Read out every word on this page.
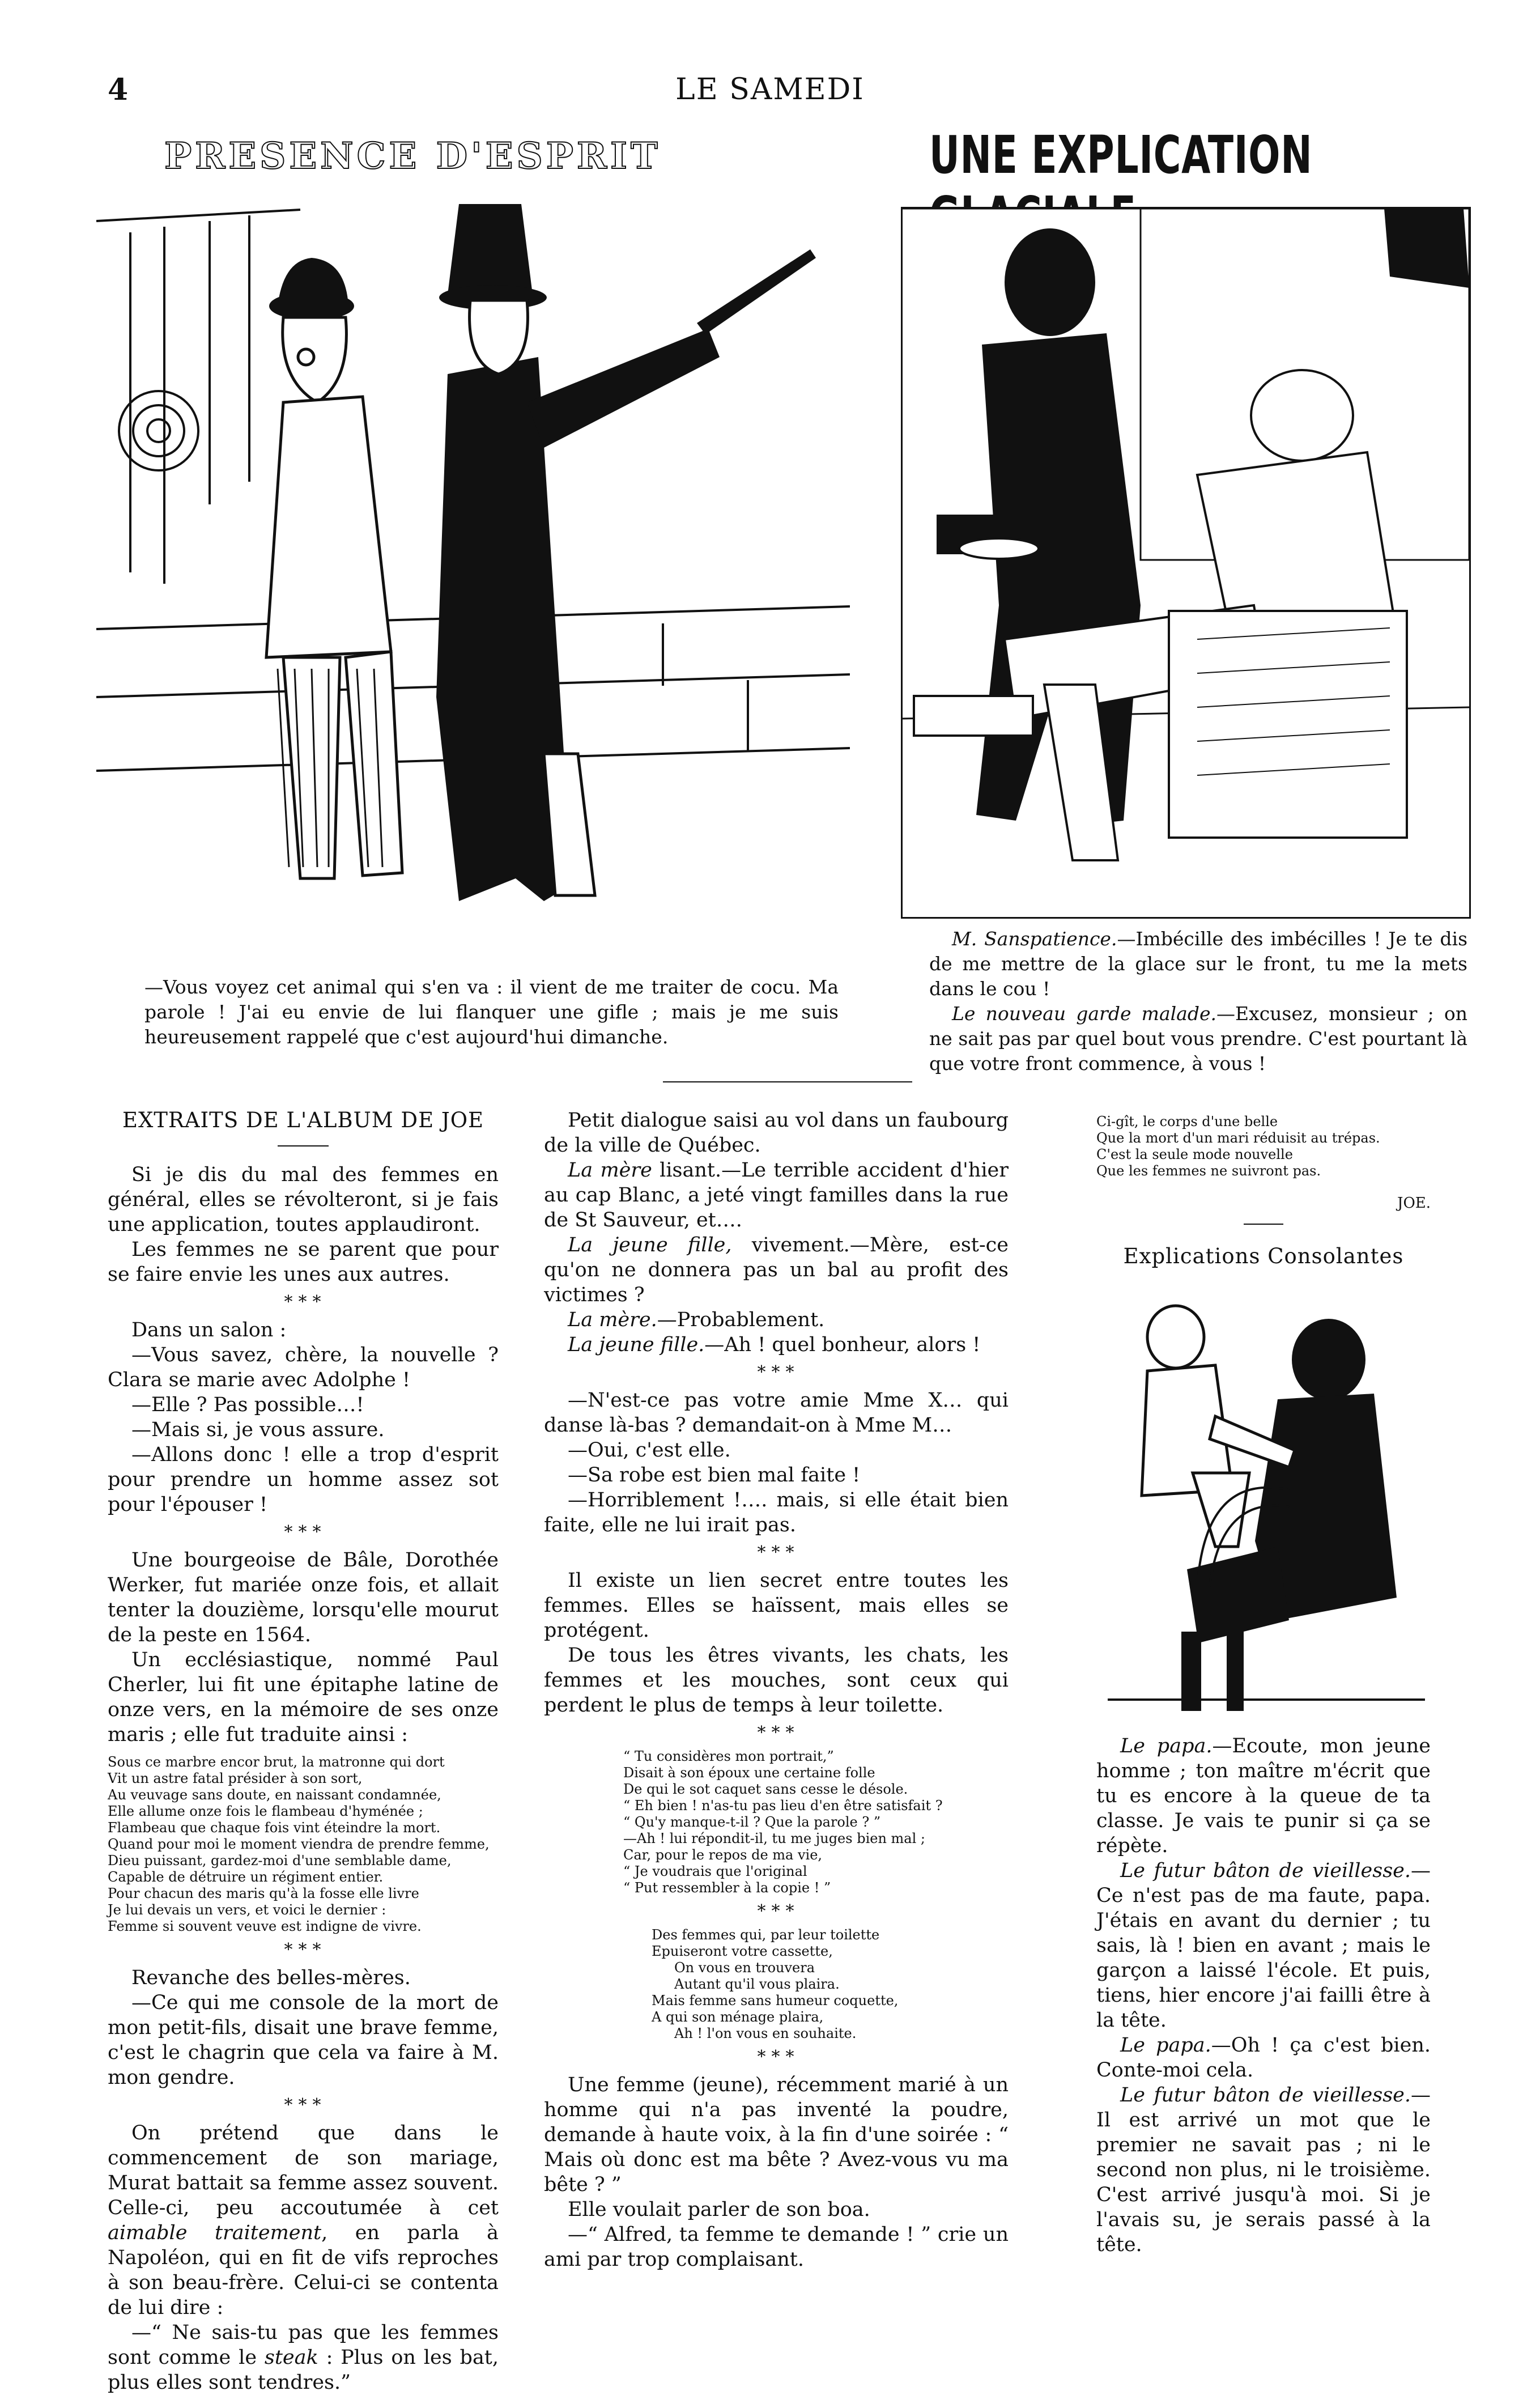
4	LE SAMEDI
PRESENCE D'ESPRIT
—Vous voyez cet animal qui s'en va : il vient de me traiter de cocu. Ma parole ! J'ai eu envie de lui flanquer une gifle ; mais je me suis heureusement rappelé que c'est aujourd'hui dimanche.
UNE EXPLICATION
M. Sanspatience.—Imbécille des imbécilles ! Je te dis de me mettre de la glace sur le front, tu me la mets dans le cou !
Le nouveau garde malade.—Excusez, monsieur ; on ne sait pas par quel bout vous prendre. C'est pourtant là que votre front commence, à vous !
EXTRAITS DE L'ALBUM DE JOE

Si je dis du mal des femmes en général, elles se révolteront, si je fais une application, toutes applaudiront.

Les femmes ne se parent que pour se faire envie les unes aux autres.

* * *

Dans un salon :

—Vous savez, chère, la nouvelle ? Clara se marie avec Adolphe !

—Elle ? Pas possible…!

—Mais si, je vous assure.

—Allons donc ! elle a trop d'esprit pour prendre un homme assez sot pour l'épouser !

* * *

Une bourgeoise de Bâle, Dorothée Werker, fut mariée onze fois, et allait tenter la douzième, lorsqu'elle mourut de la peste en 1564.

Un ecclésiastique, nommé Paul Cherler, lui fit une épitaphe latine de onze vers, en la mémoire de ses onze maris ; elle fut traduite ainsi :

Sous ce marbre encor brut, la matronne qui dort
Vit un astre fatal présider à son sort,
Au veuvage sans doute, en naissant condamnée,
Elle allume onze fois le flambeau d'hyménée ;
Flambeau que chaque fois vint éteindre la mort.
Quand pour moi le moment viendra de prendre femme,
Dieu puissant, gardez-moi d'une semblable dame,
Capable de détruire un régiment entier.
Pour chacun des maris qu'à la fosse elle livre
Je lui devais un vers, et voici le dernier :
Femme si souvent veuve est indigne de vivre.
* * *

Revanche des belles-mères.

—Ce qui me console de la mort de mon petit-fils, disait une brave femme, c'est le chagrin que cela va faire à M. mon gendre.

* * *

On prétend que dans le commencement de son mariage, Murat battait sa femme assez souvent. Celle-ci, peu accoutumée à cet aimable traitement, en parla à Napoléon, qui en fit de vifs reproches à son beau-frère. Celui-ci se contenta de lui dire :

—“ Ne sais-tu pas que les femmes sont comme le steak : Plus on les bat, plus elles sont tendres.”

Petit dialogue saisi au vol dans un faubourg de la ville de Québec.

La mère lisant.—Le terrible accident d'hier au cap Blanc, a jeté vingt familles dans la rue de St Sauveur, et….

La jeune fille, vivement.—Mère, est-ce qu'on ne donnera pas un bal au profit des victimes ?

La mère.—Probablement.

La jeune fille.—Ah ! quel bonheur, alors !

* * *

—N'est-ce pas votre amie Mme X… qui danse là-bas ? demandait-on à Mme M…

—Oui, c'est elle.

—Sa robe est bien mal faite !

—Horriblement !…. mais, si elle était bien faite, elle ne lui irait pas.

* * *

Il existe un lien secret entre toutes les femmes. Elles se haïssent, mais elles se protégent.

De tous les êtres vivants, les chats, les femmes et les mouches, sont ceux qui perdent le plus de temps à leur toilette.

* * *
“ Tu considères mon portrait,”
Disait à son époux une certaine folle
De qui le sot caquet sans cesse le désole.
“ Eh bien ! n'as-tu pas lieu d'en être satisfait ?
“ Qu'y manque-t-il ? Que la parole ? ”
—Ah ! lui répondit-il, tu me juges bien mal ;
Car, pour le repos de ma vie,
“ Je voudrais que l'original
“ Put ressembler à la copie ! ”
* * *
Des femmes qui, par leur toilette
Epuiseront votre cassette,
On vous en trouvera
Autant qu'il vous plaira.
Mais femme sans humeur coquette,
A qui son ménage plaira,
Ah ! l'on vous en souhaite.
* * *

Une femme (jeune), récemment marié à un homme qui n'a pas inventé la poudre, demande à haute voix, à la fin d'une soirée : “ Mais où donc est ma bête ? Avez-vous vu ma bête ? ”

Elle voulait parler de son boa.

—“ Alfred, ta femme te demande ! ” crie un ami par trop complaisant.

Ci-gît, le corps d'une belle
Que la mort d'un mari réduisit au trépas.
C'est la seule mode nouvelle
Que les femmes ne suivront pas.
JOE.
Explications Consolantes

Le papa.—Ecoute, mon jeune homme ; ton maître m'écrit que tu es encore à la queue de ta classe. Je vais te punir si ça se répète.

Le futur bâton de vieillesse.—Ce n'est pas de ma faute, papa. J'étais en avant du dernier ; tu sais, là ! bien en avant ; mais le garçon a laissé l'école. Et puis, tiens, hier encore j'ai failli être à la tête.

Le papa.—Oh ! ça c'est bien. Conte-moi cela.

Le futur bâton de vieillesse.—Il est arrivé un mot que le premier ne savait pas ; ni le second non plus, ni le troisième. C'est arrivé jusqu'à moi. Si je l'avais su, je serais passé à la tête.
